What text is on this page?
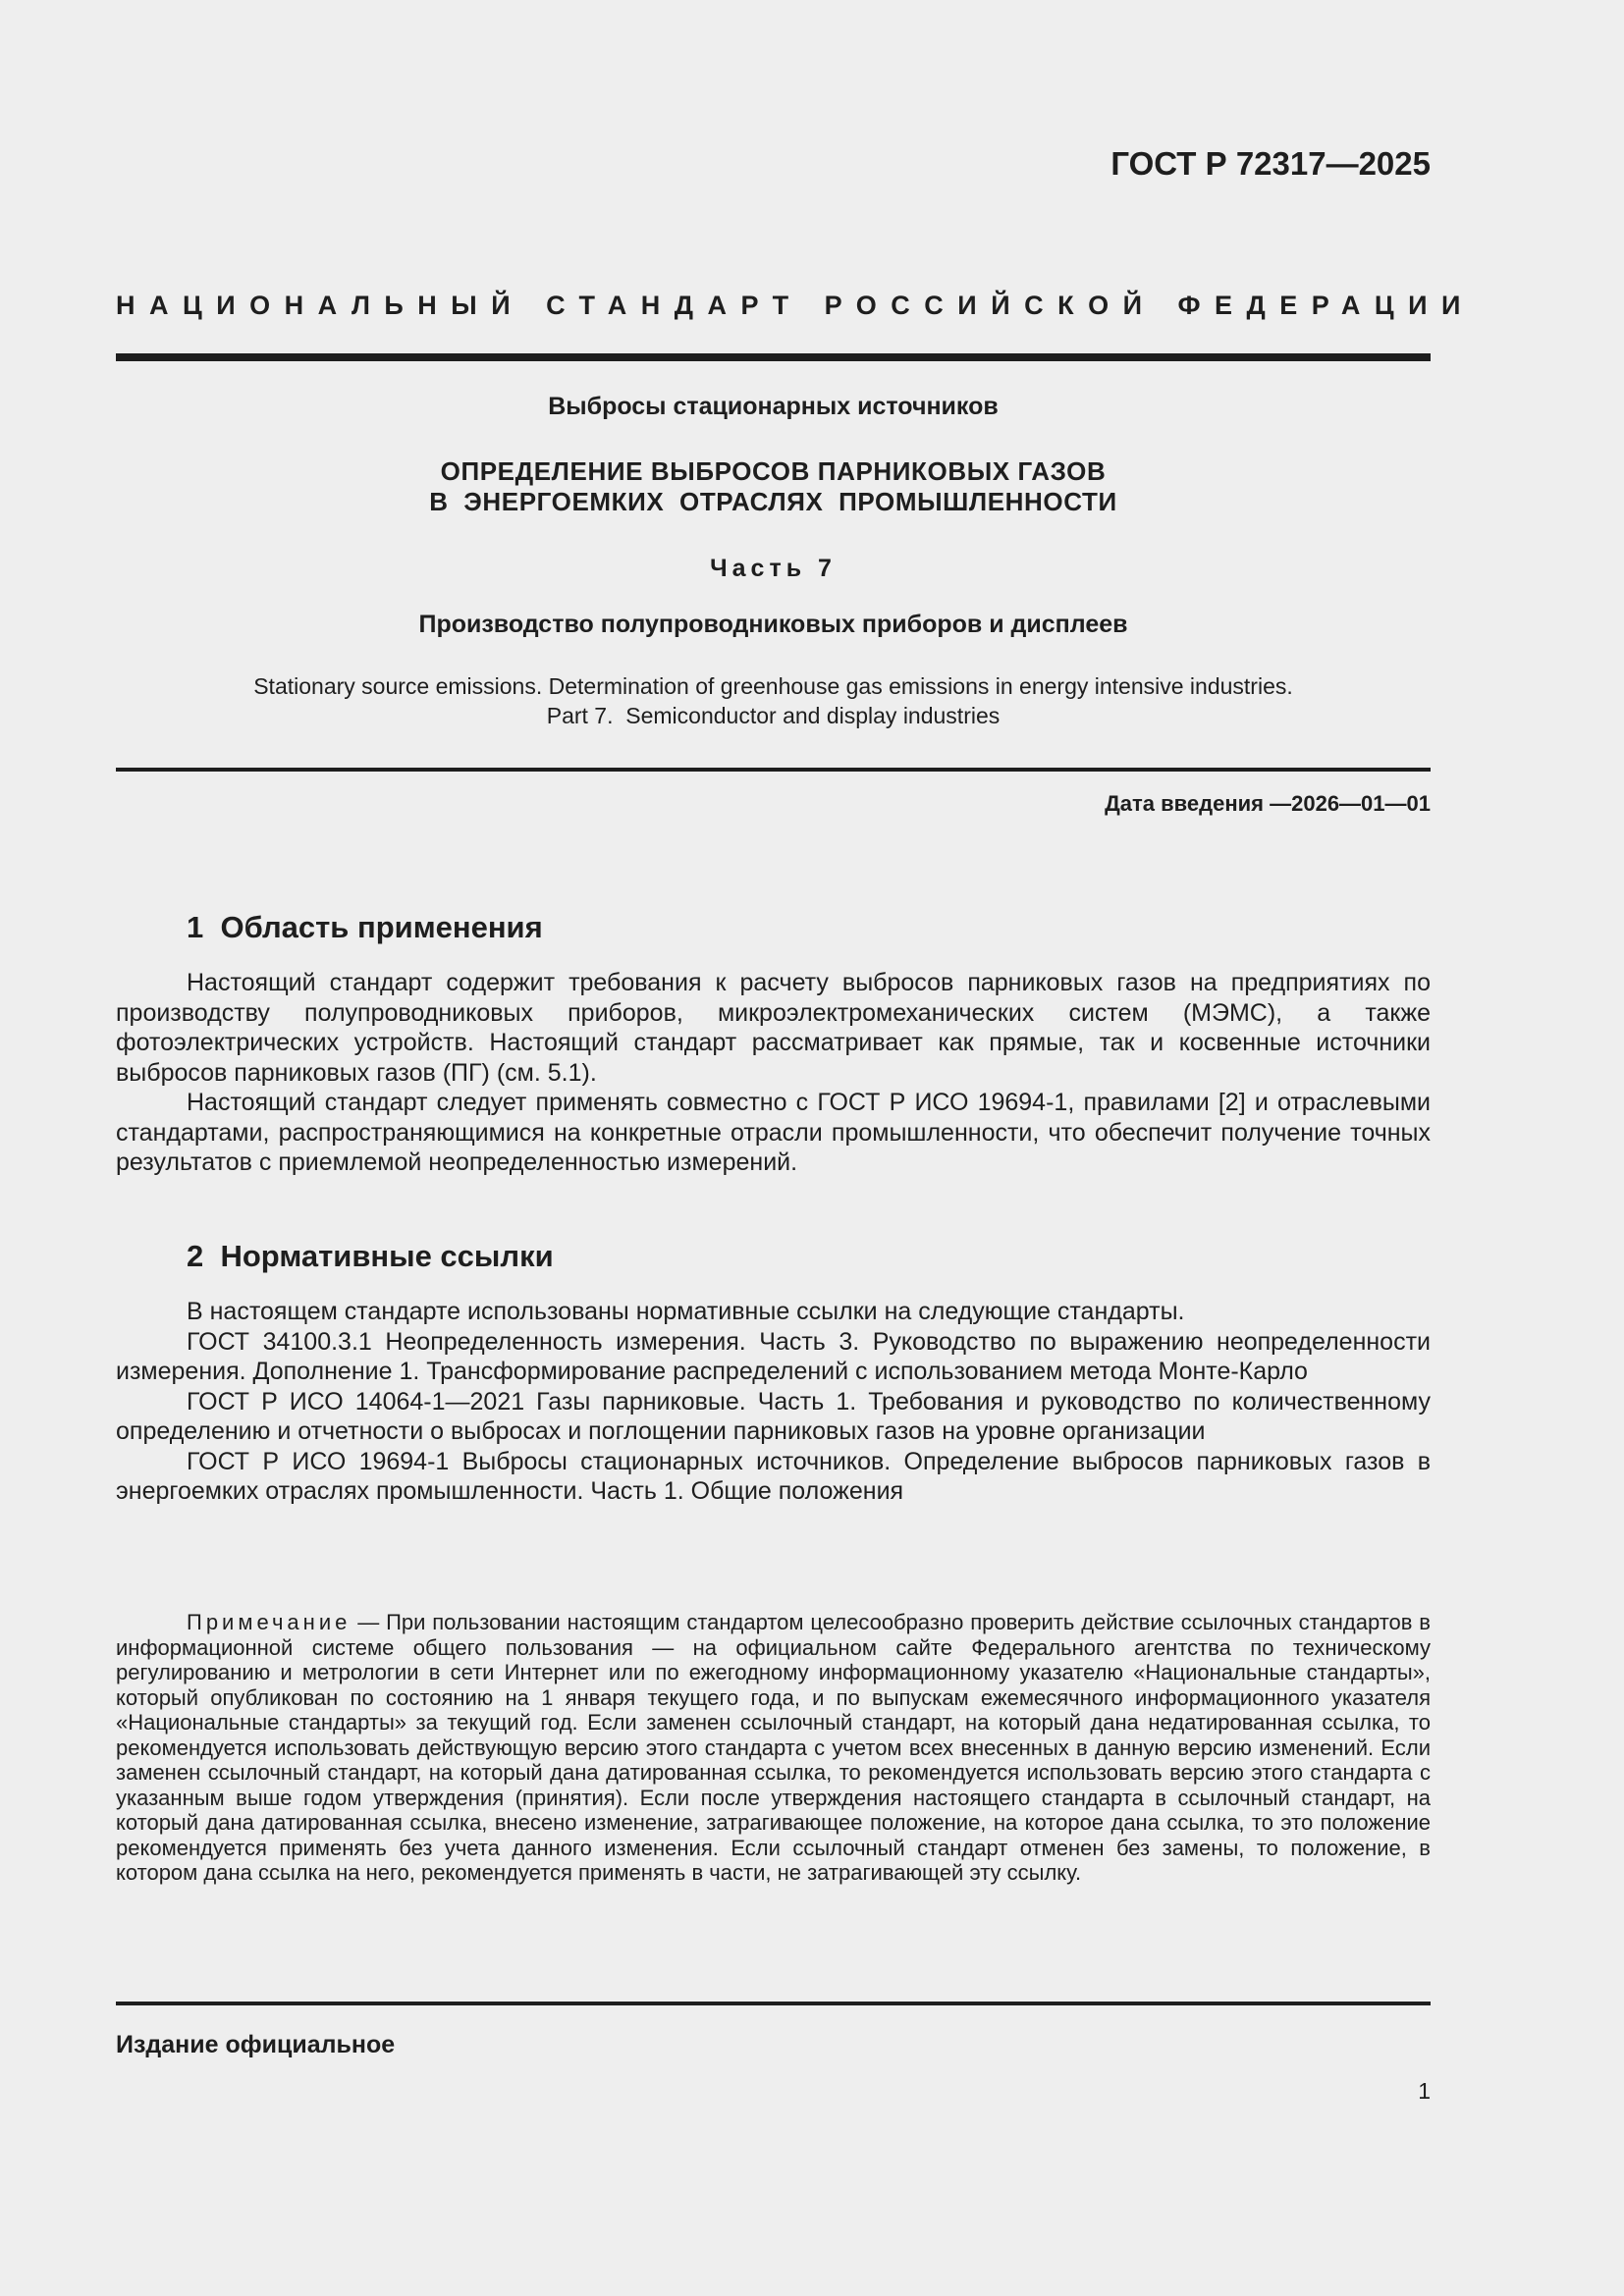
ГОСТ Р 72317—2025
НАЦИОНАЛЬНЫЙ СТАНДАРТ РОССИЙСКОЙ ФЕДЕРАЦИИ
Выбросы стационарных источников
ОПРЕДЕЛЕНИЕ ВЫБРОСОВ ПАРНИКОВЫХ ГАЗОВ
В  ЭНЕРГОЕМКИХ  ОТРАСЛЯХ  ПРОМЫШЛЕННОСТИ
Часть 7
Производство полупроводниковых приборов и дисплеев
Stationary source emissions. Determination of greenhouse gas emissions in energy intensive industries.
Part 7.  Semiconductor and display industries
Дата введения —2026—01—01
1  Область применения

Настоящий стандарт содержит требования к расчету выбросов парниковых газов на предприятиях по производству полупроводниковых приборов, микроэлектромеханических систем (МЭМС), а также фотоэлектрических устройств. Настоящий стандарт рассматривает как прямые, так и косвенные источники выбросов парниковых газов (ПГ) (см. 5.1).

Настоящий стандарт следует применять совместно с ГОСТ Р ИСО 19694-1, правилами [2] и отраслевыми стандартами, распространяющимися на конкретные отрасли промышленности, что обеспечит получение точных результатов с приемлемой неопределенностью измерений.

2  Нормативные ссылки

В настоящем стандарте использованы нормативные ссылки на следующие стандарты.

ГОСТ 34100.3.1 Неопределенность измерения. Часть 3. Руководство по выражению неопределенности измерения. Дополнение 1. Трансформирование распределений с использованием метода Монте-Карло

ГОСТ Р ИСО 14064-1—2021 Газы парниковые. Часть 1. Требования и руководство по количественному определению и отчетности о выбросах и поглощении парниковых газов на уровне организации

ГОСТ Р ИСО 19694-1 Выбросы стационарных источников. Определение выбросов парниковых газов в энергоемких отраслях промышленности. Часть 1. Общие положения

Примечание — При пользовании настоящим стандартом целесообразно проверить действие ссылочных стандартов в информационной системе общего пользования — на официальном сайте Федерального агентства по техническому регулированию и метрологии в сети Интернет или по ежегодному информационному указателю «Национальные стандарты», который опубликован по состоянию на 1 января текущего года, и по выпускам ежемесячного информационного указателя «Национальные стандарты» за текущий год. Если заменен ссылочный стандарт, на который дана недатированная ссылка, то рекомендуется использовать действующую версию этого стандарта с учетом всех внесенных в данную версию изменений. Если заменен ссылочный стандарт, на который дана датированная ссылка, то рекомендуется использовать версию этого стандарта с указанным выше годом утверждения (принятия). Если после утверждения настоящего стандарта в ссылочный стандарт, на который дана датированная ссылка, внесено изменение, затрагивающее положение, на которое дана ссылка, то это положение рекомендуется применять без учета данного изменения. Если ссылочный стандарт отменен без замены, то положение, в котором дана ссылка на него, рекомендуется применять в части, не затрагивающей эту ссылку.

Издание официальное
1
